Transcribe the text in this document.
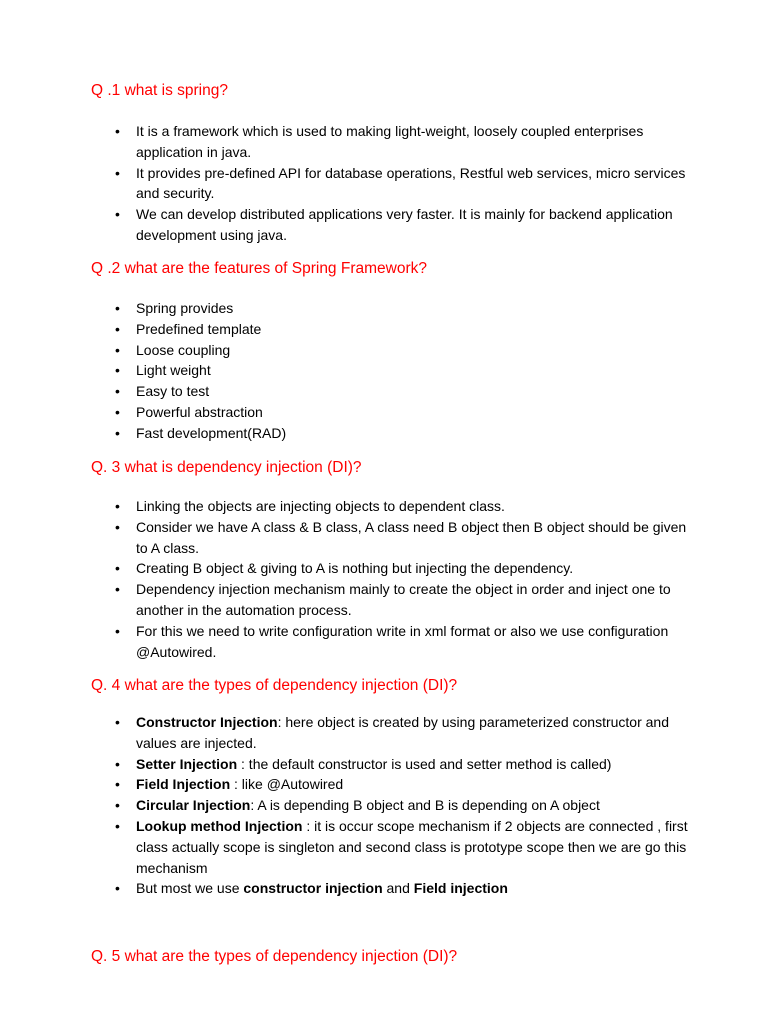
Q .1 what is spring?
• It is a framework which is used to making light-weight, loosely coupled enterprises application in java.
• It provides pre-defined API for database operations, Restful web services, micro services and security.
• We can develop distributed applications very faster. It is mainly for backend application development using java.
Q .2 what are the features of Spring Framework?
• Spring provides
• Predefined template
• Loose coupling
• Light weight
• Easy to test
• Powerful abstraction
• Fast development(RAD)
Q. 3 what is dependency injection (DI)?
• Linking the objects are injecting objects to dependent class.
• Consider we have A class & B class, A class need B object then B object should be given to A class.
• Creating B object & giving to A is nothing but injecting the dependency.
• Dependency injection mechanism mainly to create the object in order and inject one to another in the automation process.
• For this we need to write configuration write in xml format or also we use configuration @Autowired.
Q. 4 what are the types of dependency injection (DI)?
• Constructor Injection: here object is created by using parameterized constructor and values are injected.
• Setter Injection : the default constructor is used and setter method is called)
• Field Injection : like @Autowired
• Circular Injection: A is depending B object and B is depending on A object
• Lookup method Injection : it is occur scope mechanism if 2 objects are connected , first class actually scope is singleton and second class is prototype scope then we are go this mechanism
• But most we use constructor injection and Field injection
Q. 5 what are the types of dependency injection (DI)?
